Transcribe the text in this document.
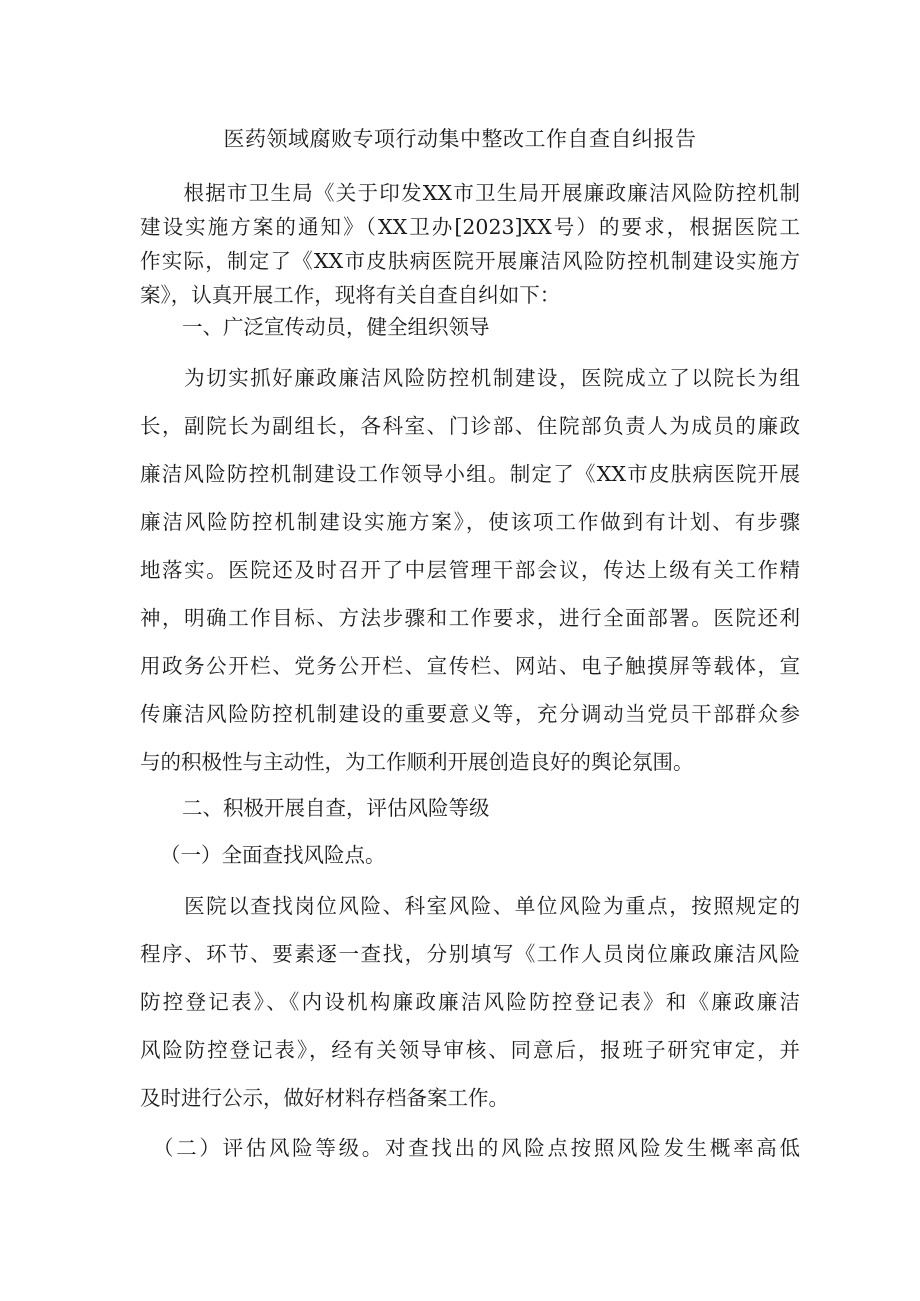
医药领域腐败专项行动集中整改工作自查自纠报告
　　根据市卫生局《关于印发XX市卫生局开展廉政廉洁风险防控机制
建设实施方案的通知》（XX卫办[2023]XX号）的要求，根据医院工
作实际，制定了《XX市皮肤病医院开展廉洁风险防控机制建设实施方
案》，认真开展工作，现将有关自查自纠如下：
一、广泛宣传动员，健全组织领导
　　为切实抓好廉政廉洁风险防控机制建设，医院成立了以院长为组
长，副院长为副组长，各科室、门诊部、住院部负责人为成员的廉政
廉洁风险防控机制建设工作领导小组。制定了《XX市皮肤病医院开展
廉洁风险防控机制建设实施方案》，使该项工作做到有计划、有步骤
地落实。医院还及时召开了中层管理干部会议，传达上级有关工作精
神，明确工作目标、方法步骤和工作要求，进行全面部署。医院还利
用政务公开栏、党务公开栏、宣传栏、网站、电子触摸屏等载体，宣
传廉洁风险防控机制建设的重要意义等，充分调动当党员干部群众参
与的积极性与主动性，为工作顺利开展创造良好的舆论氛围。
二、积极开展自查，评估风险等级
（一）全面查找风险点。
　　医院以查找岗位风险、科室风险、单位风险为重点，按照规定的
程序、环节、要素逐一查找，分别填写《工作人员岗位廉政廉洁风险
防控登记表》、《内设机构廉政廉洁风险防控登记表》和《廉政廉洁
风险防控登记表》，经有关领导审核、同意后，报班子研究审定，并
及时进行公示，做好材料存档备案工作。
　（二）评估风险等级。对查找出的风险点按照风险发生概率高低
